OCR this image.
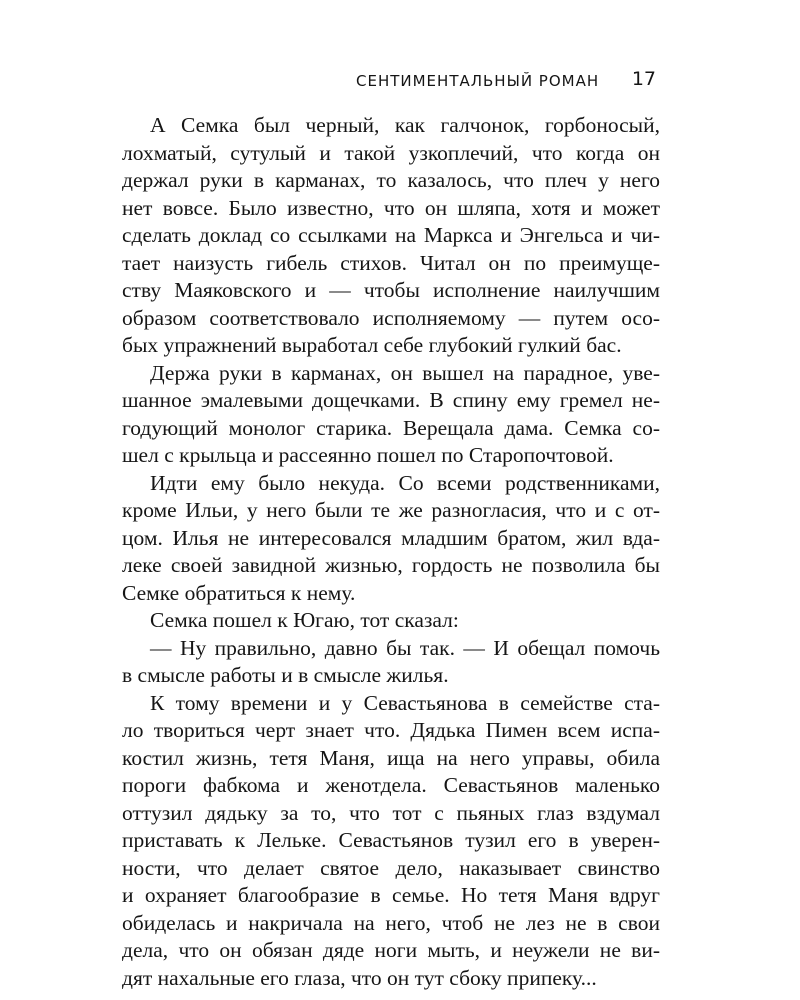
СЕНТИМЕНТАЛЬНЫЙ РОМАН 17
А Семка был черный, как галчонок, горбоносый,
лохматый, сутулый и такой узкоплечий, что когда он
держал руки в карманах, то казалось, что плеч у него
нет вовсе. Было известно, что он шляпа, хотя и может
сделать доклад со ссылками на Маркса и Энгельса и чи-
тает наизусть гибель стихов. Читал он по преимуще-
ству Маяковского и — чтобы исполнение наилучшим
образом соответствовало исполняемому — путем осо-
бых упражнений выработал себе глубокий гулкий бас.
Держа руки в карманах, он вышел на парадное, уве-
шанное эмалевыми дощечками. В спину ему гремел не-
годующий монолог старика. Верещала дама. Семка со-
шел с крыльца и рассеянно пошел по Старопочтовой.
Идти ему было некуда. Со всеми родственниками,
кроме Ильи, у него были те же разногласия, что и с от-
цом. Илья не интересовался младшим братом, жил вда-
леке своей завидной жизнью, гордость не позволила бы
Семке обратиться к нему.
Семка пошел к Югаю, тот сказал:
— Ну правильно, давно бы так. — И обещал помочь
в смысле работы и в смысле жилья.
К тому времени и у Севастьянова в семействе ста-
ло твориться черт знает что. Дядька Пимен всем испа-
костил жизнь, тетя Маня, ища на него управы, обила
пороги фабкома и женотдела. Севастьянов маленько
оттузил дядьку за то, что тот с пьяных глаз вздумал
приставать к Лельке. Севастьянов тузил его в уверен-
ности, что делает святое дело, наказывает свинство
и охраняет благообразие в семье. Но тетя Маня вдруг
обиделась и накричала на него, чтоб не лез не в свои
дела, что он обязан дяде ноги мыть, и неужели не ви-
дят нахальные его глаза, что он тут сбоку припеку...
